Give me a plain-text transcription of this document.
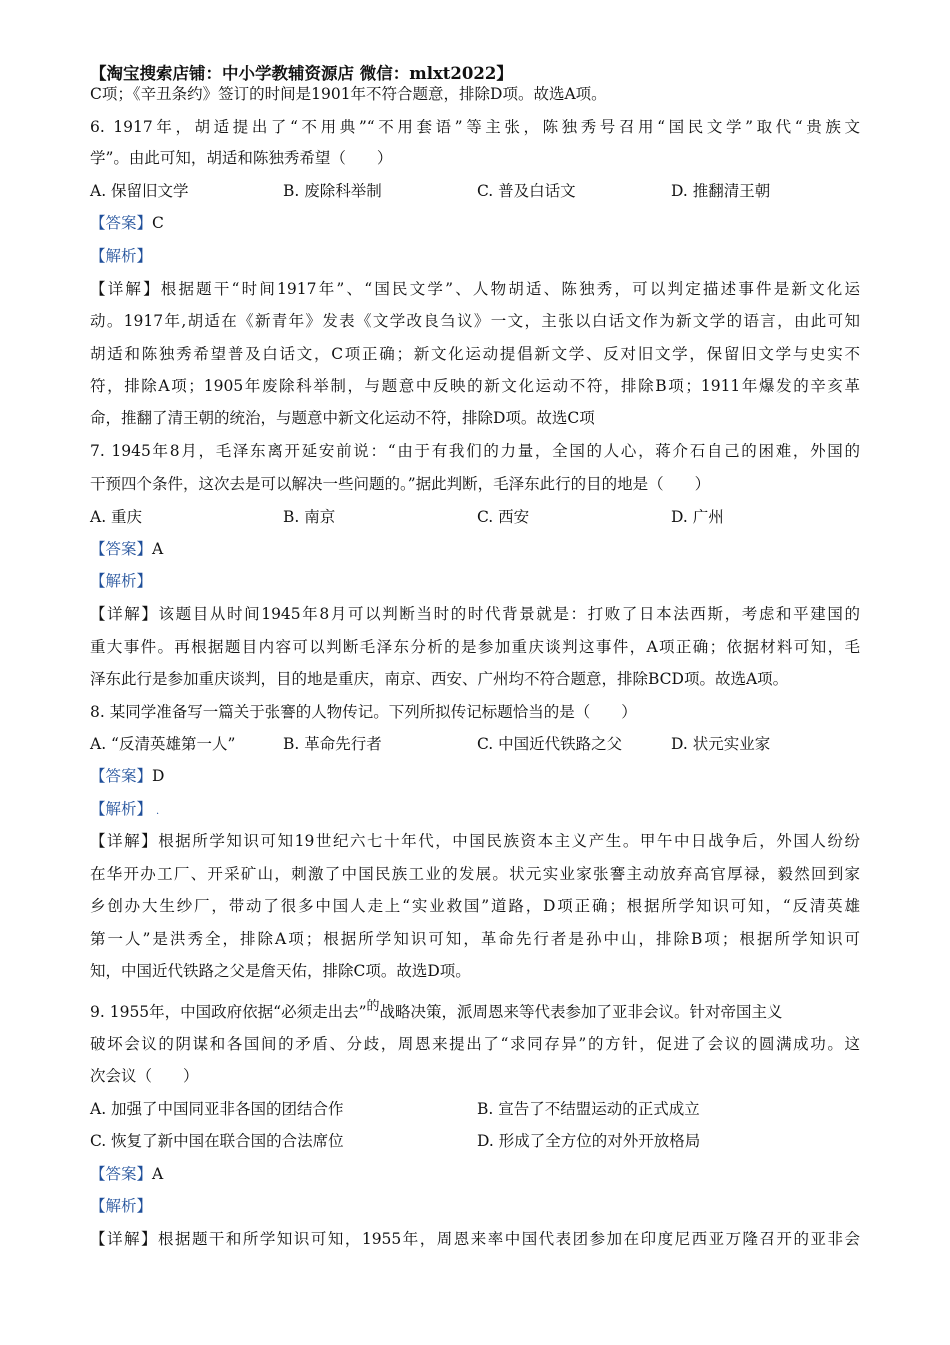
【淘宝搜索店铺：中小学教辅资源店 微信：mlxt2022】
C项；《辛丑条约》签订的时间是1901年不符合题意，排除D项。故选A项。
6. 1917年，胡适提出了“不用典”“不用套语”等主张，陈独秀号召用“国民文学”取代“贵族文
学”。由此可知，胡适和陈独秀希望（　　）
A. 保留旧文学	B. 废除科举制	C. 普及白话文	D. 推翻清王朝
【答案】C
【解析】
【详解】根据题干“时间1917年”、“国民文学”、人物胡适、陈独秀，可以判定描述事件是新文化运
动。1917年,胡适在《新青年》发表《文学改良刍议》一文，主张以白话文作为新文学的语言，由此可知
胡适和陈独秀希望普及白话文，C项正确；新文化运动提倡新文学、反对旧文学，保留旧文学与史实不
符，排除A项；1905年废除科举制，与题意中反映的新文化运动不符，排除B项；1911年爆发的辛亥革
命，推翻了清王朝的统治，与题意中新文化运动不符，排除D项。故选C项
7. 1945年8月，毛泽东离开延安前说：“由于有我们的力量，全国的人心，蒋介石自己的困难，外国的
干预四个条件，这次去是可以解决一些问题的。”据此判断，毛泽东此行的目的地是（　　）
A. 重庆	B. 南京	C. 西安	D. 广州
【答案】A
【解析】
【详解】该题目从时间1945年8月可以判断当时的时代背景就是：打败了日本法西斯，考虑和平建国的
重大事件。再根据题目内容可以判断毛泽东分析的是参加重庆谈判这事件，A项正确；依据材料可知，毛
泽东此行是参加重庆谈判，目的地是重庆，南京、西安、广州均不符合题意，排除BCD项。故选A项。
8. 某同学准备写一篇关于张謇的人物传记。下列所拟传记标题恰当的是（　　）
A. “反清英雄第一人”	B. 革命先行者	C. 中国近代铁路之父	D. 状元实业家
【答案】D
【解析】 .
【详解】根据所学知识可知19世纪六七十年代，中国民族资本主义产生。甲午中日战争后，外国人纷纷
在华开办工厂、开采矿山，刺激了中国民族工业的发展。状元实业家张謇主动放弃高官厚禄，毅然回到家
乡创办大生纱厂，带动了很多中国人走上“实业救国”道路，D项正确；根据所学知识可知，“反清英雄
第一人”是洪秀全，排除A项；根据所学知识可知，革命先行者是孙中山，排除B项；根据所学知识可
知，中国近代铁路之父是詹天佑，排除C项。故选D项。
9. 1955年，中国政府依据“必须走出去”$^的$战略决策，派周恩来等代表参加了亚非会议。针对帝国主义
破坏会议的阴谋和各国间的矛盾、分歧，周恩来提出了“求同存异”的方针，促进了会议的圆满成功。这
次会议（　　）
A. 加强了中国同亚非各国的团结合作	B. 宣告了不结盟运动的正式成立
C. 恢复了新中国在联合国的合法席位	D. 形成了全方位的对外开放格局
【答案】A
【解析】
【详解】根据题干和所学知识可知，1955年，周恩来率中国代表团参加在印度尼西亚万隆召开的亚非会
